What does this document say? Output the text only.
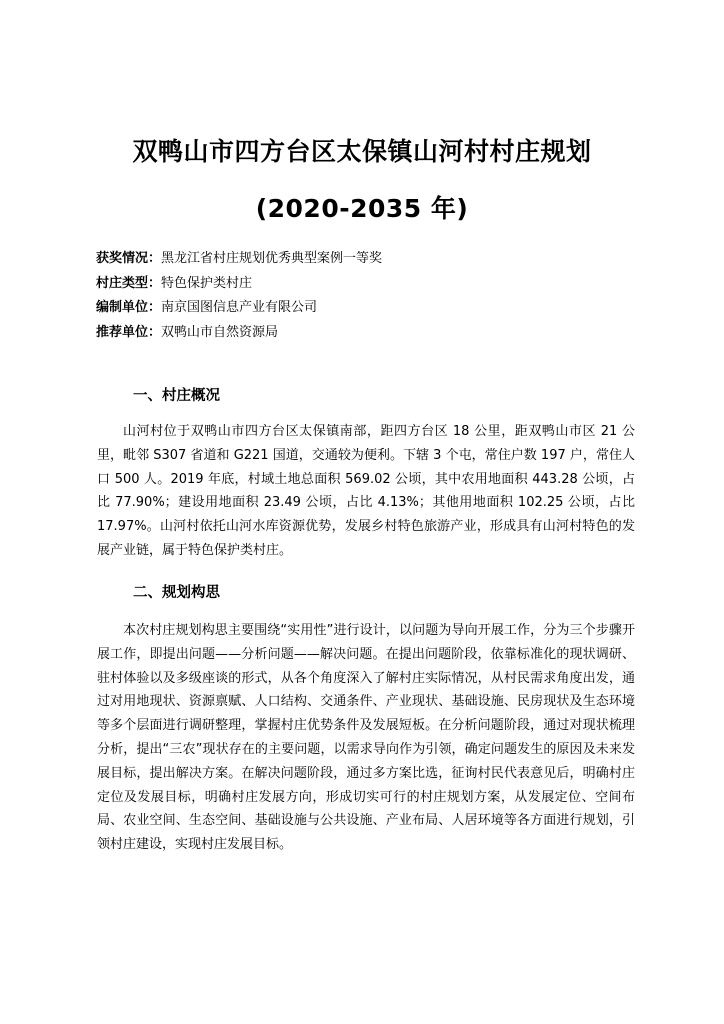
双鸭山市四方台区太保镇山河村村庄规划
(2020-2035 年)
获奖情况：黑龙江省村庄规划优秀典型案例一等奖
村庄类型：特色保护类村庄
编制单位：南京国图信息产业有限公司
推荐单位：双鸭山市自然资源局
一、村庄概况

山河村位于双鸭山市四方台区太保镇南部，距四方台区 18 公里，距双鸭山市区 21 公里，毗邻 S307 省道和 G221 国道，交通较为便利。下辖 3 个屯，常住户数 197 户，常住人口 500 人。2019 年底，村域土地总面积 569.02 公顷，其中农用地面积 443.28 公顷，占比 77.90%；建设用地面积 23.49 公顷，占比 4.13%；其他用地面积 102.25 公顷，占比 17.97%。山河村依托山河水库资源优势，发展乡村特色旅游产业，形成具有山河村特色的发展产业链，属于特色保护类村庄。

二、规划构思

本次村庄规划构思主要围绕“实用性”进行设计，以问题为导向开展工作，分为三个步骤开展工作，即提出问题——分析问题——解决问题。在提出问题阶段，依靠标准化的现状调研、驻村体验以及多级座谈的形式，从各个角度深入了解村庄实际情况，从村民需求角度出发，通过对用地现状、资源禀赋、人口结构、交通条件、产业现状、基础设施、民房现状及生态环境等多个层面进行调研整理，掌握村庄优势条件及发展短板。在分析问题阶段，通过对现状梳理分析，提出“三农”现状存在的主要问题，以需求导向作为引领，确定问题发生的原因及未来发展目标，提出解决方案。在解决问题阶段，通过多方案比选，征询村民代表意见后，明确村庄定位及发展目标，明确村庄发展方向，形成切实可行的村庄规划方案，从发展定位、空间布局、农业空间、生态空间、基础设施与公共设施、产业布局、人居环境等各方面进行规划，引领村庄建设，实现村庄发展目标。
